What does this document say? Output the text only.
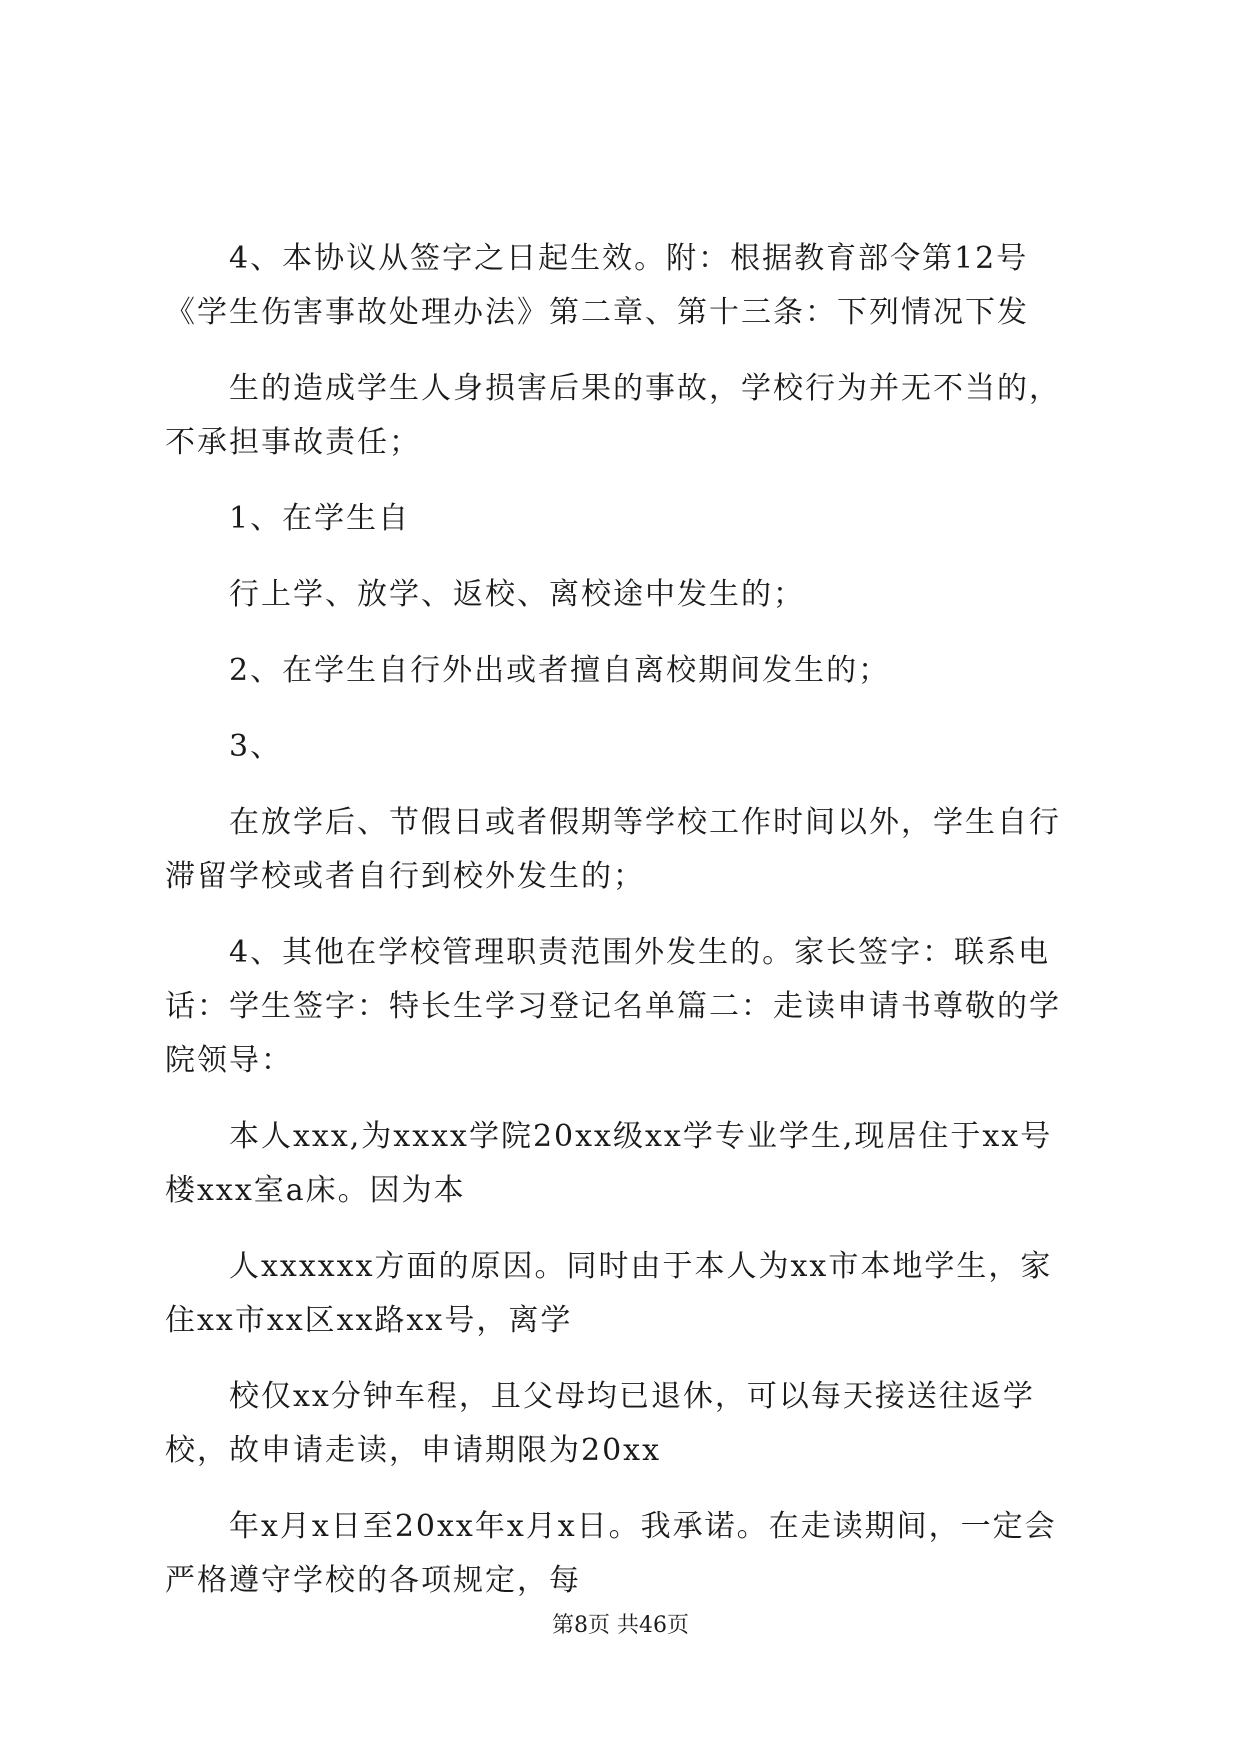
4、本协议从签字之日起生效。附：根据教育部令第12号《学生伤害事故处理办法》第二章、第十三条：下列情况下发

生的造成学生人身损害后果的事故，学校行为并无不当的，不承担事故责任；

1、在学生自

行上学、放学、返校、离校途中发生的；

2、在学生自行外出或者擅自离校期间发生的；

3、

在放学后、节假日或者假期等学校工作时间以外，学生自行滞留学校或者自行到校外发生的；

4、其他在学校管理职责范围外发生的。家长签字：联系电话：学生签字：特长生学习登记名单篇二：走读申请书尊敬的学院领导：

本人xxx,为xxxx学院20xx级xx学专业学生,现居住于xx号楼xxx室a床。因为本

人xxxxxx方面的原因。同时由于本人为xx市本地学生，家住xx市xx区xx路xx号，离学

校仅xx分钟车程，且父母均已退休，可以每天接送往返学校，故申请走读，申请期限为20xx

年x月x日至20xx年x月x日。我承诺。在走读期间，一定会严格遵守学校的各项规定，每

第8页 共46页
